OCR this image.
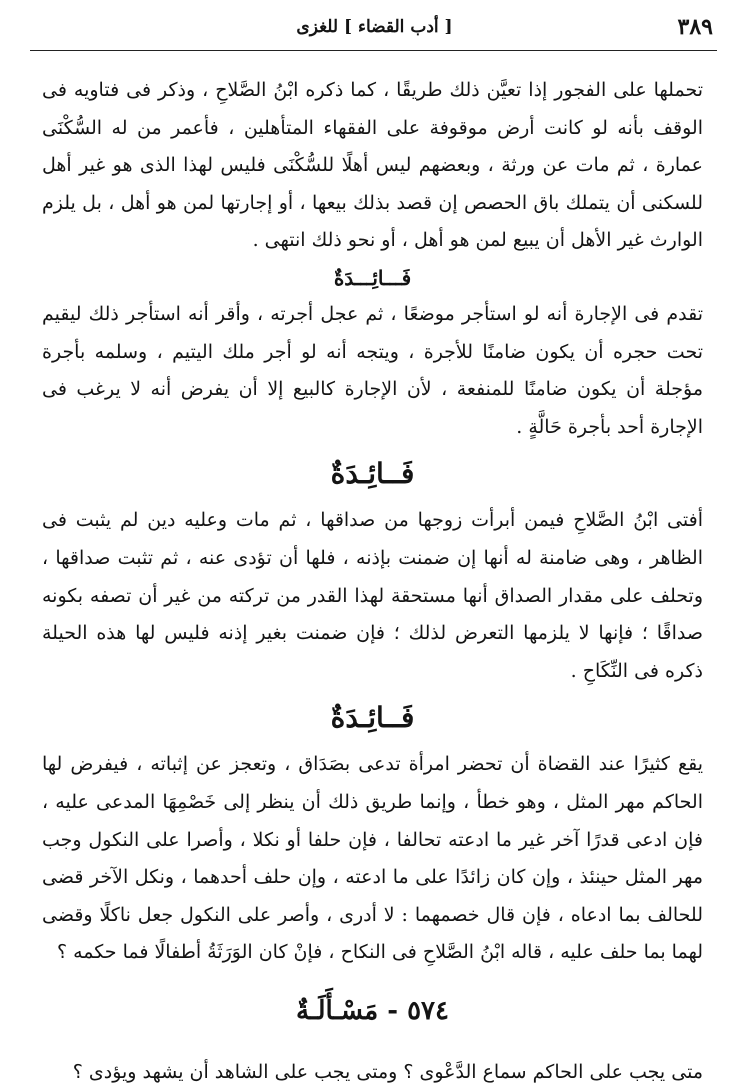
٣٨٩
[ أدب القضاء ] للغزى

تحملها على الفجور إذا تعيَّن ذلك طريقًا ، كما ذكره ابْنُ الصَّلاحِ ، وذكر فى فتاويه فى الوقف بأنه لو كانت أرض موقوفة على الفقهاء المتأهلين ، فأعمر من له السُّكْنَى عمارة ، ثم مات عن ورثة ، وبعضهم ليس أهلًا للسُّكْنَى فليس لهذا الذى هو غير أهل للسكنى أن يتملك باق الحصص إن قصد بذلك بيعها ، أو إجارتها لمن هو أهل ، بل يلزم الوارث غير الأهل أن يبيع لمن هو أهل ، أو نحو ذلك انتهى .

فَـــائِـــدَةٌ

تقدم فى الإجارة أنه لو استأجر موضعًا ، ثم عجل أجرته ، وأقر أنه استأجر ذلك ليقيم تحت حجره أن يكون ضامنًا للأجرة ، ويتجه أنه لو أجر ملك اليتيم ، وسلمه بأجرة مؤجلة أن يكون ضامنًا للمنفعة ، لأن الإجارة كالبيع إلا أن يفرض أنه لا يرغب فى الإجارة أحد بأجرة حَالَّةٍ .

فَــائِـدَةٌ

أفتى ابْنُ الصَّلاحِ فيمن أبرأت زوجها من صداقها ، ثم مات وعليه دين لم يثبت فى الظاهر ، وهى ضامنة له أنها إن ضمنت بإذنه ، فلها أن تؤدى عنه ، ثم تثبت صداقها ، وتحلف على مقدار الصداق أنها مستحقة لهذا القدر من تركته من غير أن تصفه بكونه صداقًا ؛ فإنها لا يلزمها التعرض لذلك ؛ فإن ضمنت بغير إذنه فليس لها هذه الحيلة ذكره فى النِّكَاحِ .

فَــائِـدَةٌ

يقع كثيرًا عند القضاة أن تحضر امرأة تدعى بصَدَاق ، وتعجز عن إثباته ، فيفرض لها الحاكم مهر المثل ، وهو خطأ ، وإنما طريق ذلك أن ينظر إلى خَصْمِهَا المدعى عليه ، فإن ادعى قدرًا آخر غير ما ادعته تحالفا ، فإن حلفا أو نكلا ، وأصرا على النكول وجب مهر المثل حينئذ ، وإن كان زائدًا على ما ادعته ، وإن حلف أحدهما ، ونكل الآخر قضى للحالف بما ادعاه ، فإن قال خصمهما : لا أدرى ، وأصر على النكول جعل ناكلًا وقضى لهما بما حلف عليه ، قاله ابْنُ الصَّلاحِ فى النكاح ، فإنْ كان الوَرَثَةُ أطفالًا فما حكمه ؟

٥٧٤ - مَسْـأَلَـةٌ

متى يجب على الحاكم سماع الدَّعْوى ؟ ومتى يجب على الشاهد أن يشهد ويؤدى ؟
